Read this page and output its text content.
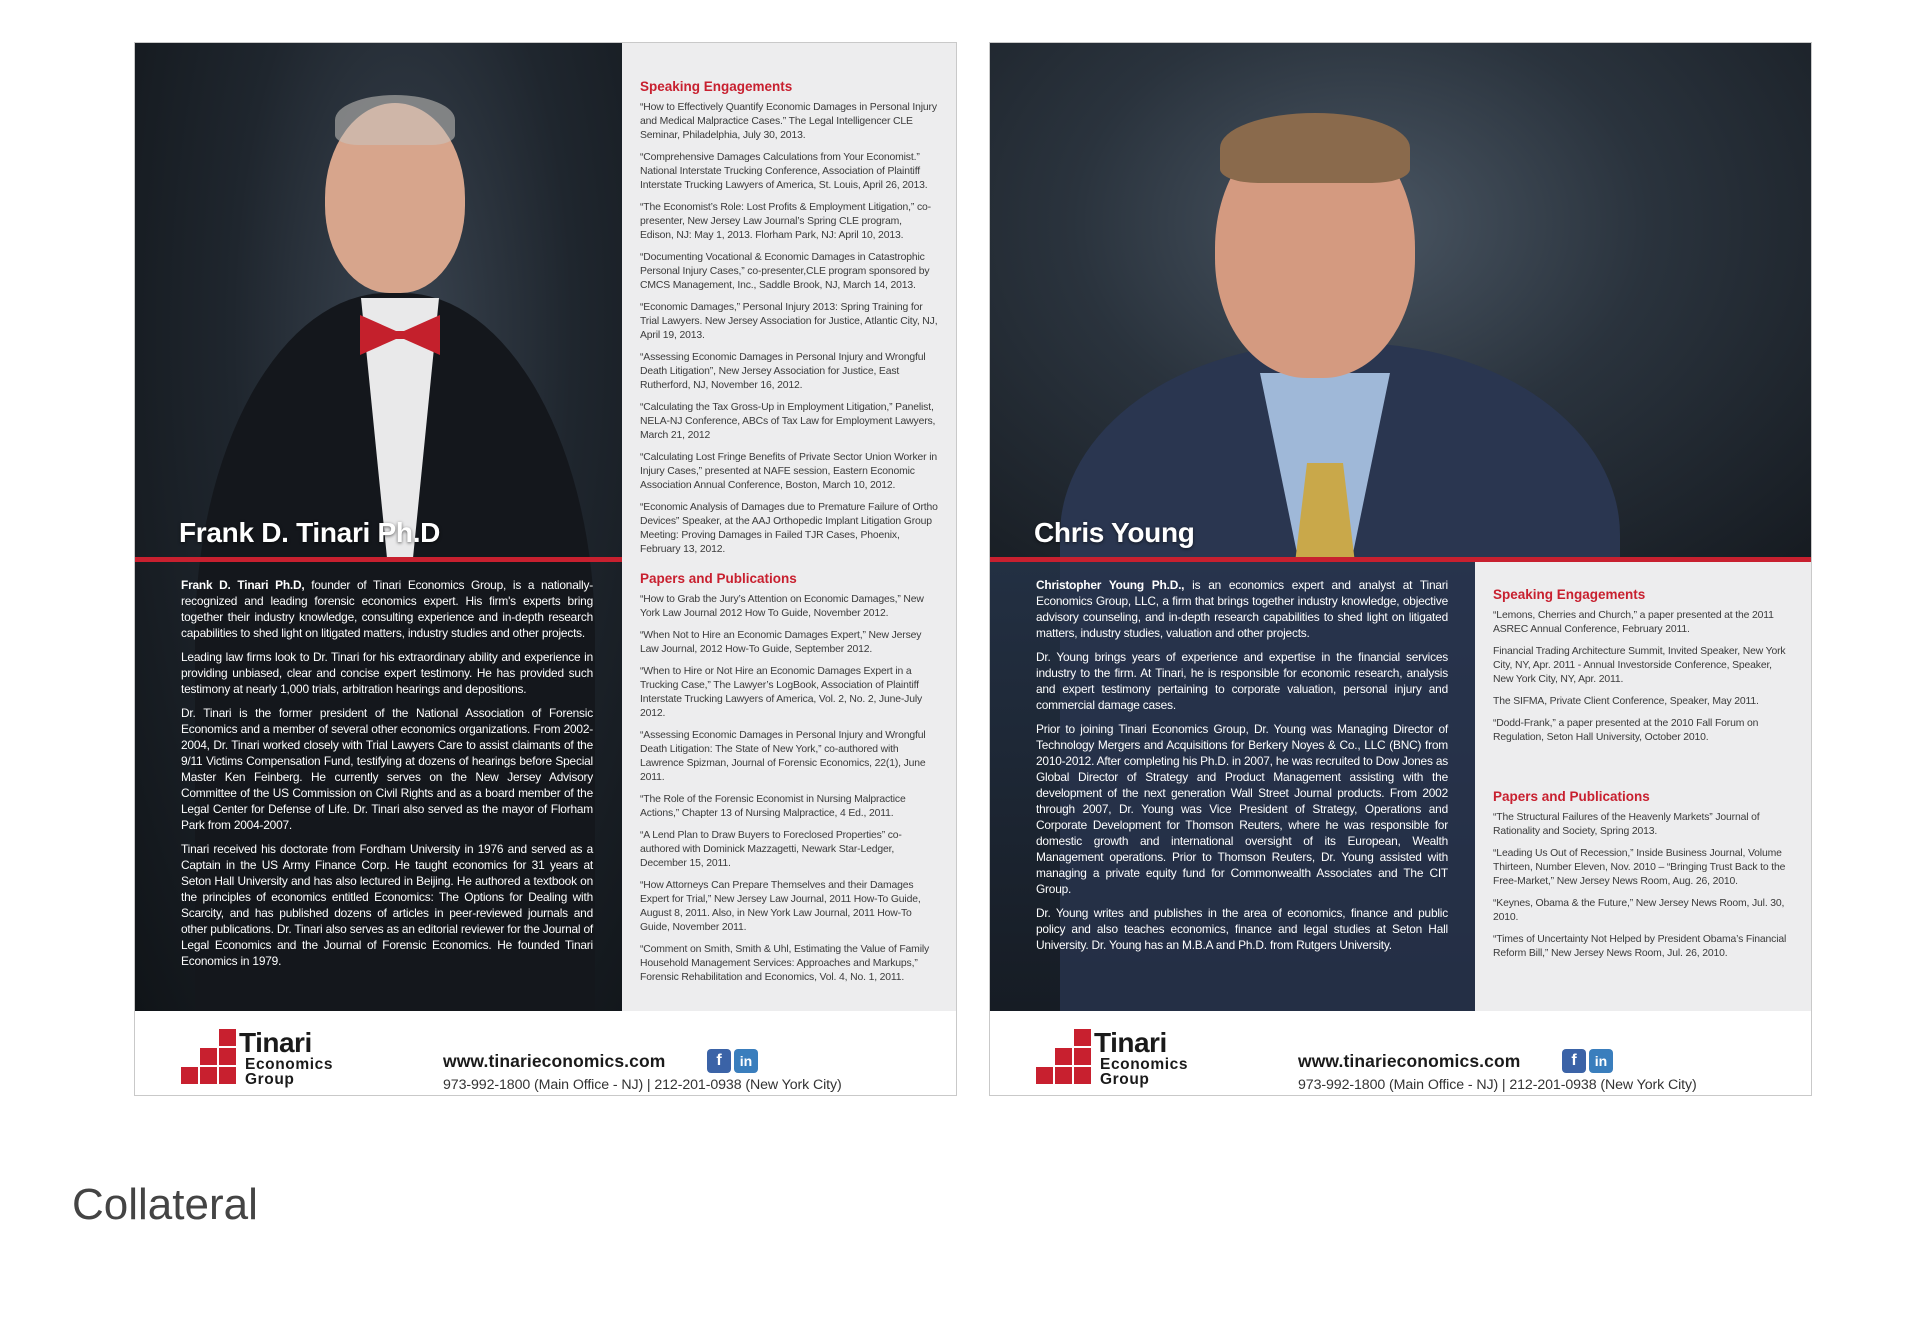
Speaking Engagements

“How to Effectively Quantify Economic Damages in Personal Injury and Medical Malpractice Cases.” The Legal Intelligencer CLE Seminar, Philadelphia, July 30, 2013.

“Comprehensive Damages Calculations from Your Economist.” National Interstate Trucking Conference, Association of Plaintiff Interstate Trucking Lawyers of America, St. Louis, April 26, 2013.

“The Economist’s Role: Lost Profits & Employment Litigation,” co-presenter, New Jersey Law Journal’s Spring CLE program, Edison, NJ: May 1, 2013. Florham Park, NJ: April 10, 2013.

“Documenting Vocational & Economic Damages in Catastrophic Personal Injury Cases,” co-presenter,CLE program sponsored by CMCS Management, Inc., Saddle Brook, NJ, March 14, 2013.

“Economic Damages,” Personal Injury 2013: Spring Training for Trial Lawyers. New Jersey Association for Justice, Atlantic City, NJ, April 19, 2013.

“Assessing Economic Damages in Personal Injury and Wrongful Death Litigation”, New Jersey Association for Justice, East Rutherford, NJ, November 16, 2012.

“Calculating the Tax Gross-Up in Employment Litigation,” Panelist, NELA-NJ Conference, ABCs of Tax Law for Employment Lawyers, March 21, 2012

“Calculating Lost Fringe Benefits of Private Sector Union Worker in Injury Cases,” presented at NAFE session, Eastern Economic Association Annual Conference, Boston, March 10, 2012.

“Economic Analysis of Damages due to Premature Failure of Ortho Devices” Speaker, at the AAJ Orthopedic Implant Litigation Group Meeting: Proving Damages in Failed TJR Cases, Phoenix, February 13, 2012.

Papers and Publications

“How to Grab the Jury’s Attention on Economic Damages,” New York Law Journal 2012 How To Guide, November 2012.

“When Not to Hire an Economic Damages Expert,” New Jersey Law Journal, 2012 How-To Guide, September 2012.

“When to Hire or Not Hire an Economic Damages Expert in a Trucking Case,” The Lawyer’s LogBook, Association of Plaintiff Interstate Trucking Lawyers of America, Vol. 2, No. 2, June-July 2012.

“Assessing Economic Damages in Personal Injury and Wrongful Death Litigation: The State of New York,” co-authored with Lawrence Spizman, Journal of Forensic Economics, 22(1), June 2011.

“The Role of the Forensic Economist in Nursing Malpractice Actions,” Chapter 13 of Nursing Malpractice, 4 Ed., 2011.

“A Lend Plan to Draw Buyers to Foreclosed Properties” co-authored with Dominick Mazzagetti, Newark Star-Ledger, December 15, 2011.

“How Attorneys Can Prepare Themselves and their Damages Expert for Trial,” New Jersey Law Journal, 2011 How-To Guide, August 8, 2011. Also, in New York Law Journal, 2011 How-To Guide, November 2011.

“Comment on Smith, Smith & Uhl, Estimating the Value of Family Household Management Services: Approaches and Markups,” Forensic Rehabilitation and Economics, Vol. 4, No. 1, 2011.

Frank D. Tinari Ph.D

Frank D. Tinari Ph.D, founder of Tinari Economics Group, is a nationally-recognized and leading forensic economics expert. His firm's experts bring together their industry knowledge, consulting experience and in-depth research capabilities to shed light on litigated matters, industry studies and other projects.

Leading law firms look to Dr. Tinari for his extraordinary ability and experience in providing unbiased, clear and concise expert testimony. He has provided such testimony at nearly 1,000 trials, arbitration hearings and depositions.

Dr. Tinari is the former president of the National Association of Forensic Economics and a member of several other economics organizations. From 2002-2004, Dr. Tinari worked closely with Trial Lawyers Care to assist claimants of the 9/11 Victims Compensation Fund, testifying at dozens of hearings before Special Master Ken Feinberg. He currently serves on the New Jersey Advisory Committee of the US Commission on Civil Rights and as a board member of the Legal Center for Defense of Life. Dr. Tinari also served as the mayor of Florham Park from 2004-2007.

Tinari received his doctorate from Fordham University in 1976 and served as a Captain in the US Army Finance Corp. He taught economics for 31 years at Seton Hall University and has also lectured in Beijing. He authored a textbook on the principles of economics entitled Economics: The Options for Dealing with Scarcity, and has published dozens of articles in peer-reviewed journals and other publications. Dr. Tinari also serves as an editorial reviewer for the Journal of Legal Economics and the Journal of Forensic Economics. He founded Tinari Economics in 1979.

Tinari
Economics
Group
www.tinarieconomics.com	f	in
973-992-1800 (Main Office - NJ) | 212-201-0938 (New York City)
Speaking Engagements

“Lemons, Cherries and Church,” a paper presented at the 2011 ASREC Annual Conference, February 2011.

Financial Trading Architecture Summit, Invited Speaker, New York City, NY, Apr. 2011 - Annual Investorside Conference, Speaker, New York City, NY, Apr. 2011.

The SIFMA, Private Client Conference, Speaker, May 2011.

“Dodd-Frank,” a paper presented at the 2010 Fall Forum on Regulation, Seton Hall University, October 2010.

Papers and Publications

“The Structural Failures of the Heavenly Markets” Journal of Rationality and Society, Spring 2013.

“Leading Us Out of Recession,” Inside Business Journal, Volume Thirteen, Number Eleven, Nov. 2010 – “Bringing Trust Back to the Free-Market,” New Jersey News Room, Aug. 26, 2010.

“Keynes, Obama & the Future,” New Jersey News Room, Jul. 30, 2010.

“Times of Uncertainty Not Helped by President Obama’s Financial Reform Bill,” New Jersey News Room, Jul. 26, 2010.

Chris Young

Christopher Young Ph.D., is an economics expert and analyst at Tinari Economics Group, LLC, a firm that brings together industry knowledge, objective advisory counseling, and in-depth research capabilities to shed light on litigated matters, industry studies, valuation and other projects.

Dr. Young brings years of experience and expertise in the financial services industry to the firm. At Tinari, he is responsible for economic research, analysis and expert testimony pertaining to corporate valuation, personal injury and commercial damage cases.

Prior to joining Tinari Economics Group, Dr. Young was Managing Director of Technology Mergers and Acquisitions for Berkery Noyes & Co., LLC (BNC) from 2010-2012. After completing his Ph.D. in 2007, he was recruited to Dow Jones as Global Director of Strategy and Product Management assisting with the development of the next generation Wall Street Journal products. From 2002 through 2007, Dr. Young was Vice President of Strategy, Operations and Corporate Development for Thomson Reuters, where he was responsible for domestic growth and international oversight of its European, Wealth Management operations. Prior to Thomson Reuters, Dr. Young assisted with managing a private equity fund for Commonwealth Associates and The CIT Group.

Dr. Young writes and publishes in the area of economics, finance and public policy and also teaches economics, finance and legal studies at Seton Hall University. Dr. Young has an M.B.A and Ph.D. from Rutgers University.

Tinari
Economics
Group
www.tinarieconomics.com	f	in
973-992-1800 (Main Office - NJ) | 212-201-0938 (New York City)
Collateral
